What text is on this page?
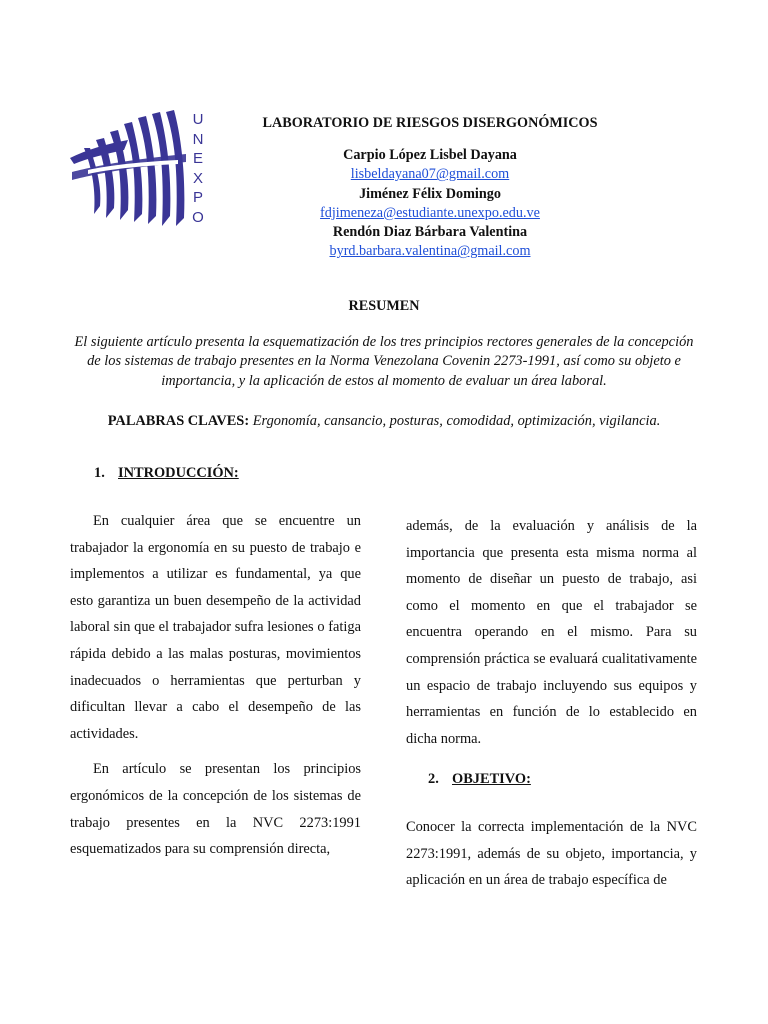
U
N
E
X
P
O
LABORATORIO DE RIESGOS DISERGONÓMICOS
Carpio López Lisbel Dayana
lisbeldayana07@gmail.com
Jiménez Félix Domingo
fdjimeneza@estudiante.unexpo.edu.ve
Rendón Diaz Bárbara Valentina
byrd.barbara.valentina@gmail.com
RESUMEN
El siguiente artículo presenta la esquematización de los tres principios rectores generales de la concepción de los sistemas de trabajo presentes en la Norma Venezolana Covenin 2273-1991, así como su objeto e importancia, y la aplicación de estos al momento de evaluar un área laboral.
PALABRAS CLAVES: Ergonomía, cansancio, posturas, comodidad, optimización, vigilancia.
1. INTRODUCCIÓN:

En cualquier área que se encuentre un trabajador la ergonomía en su puesto de trabajo e implementos a utilizar es fundamental, ya que esto garantiza un buen desempeño de la actividad laboral sin que el trabajador sufra lesiones o fatiga rápida debido a las malas posturas, movimientos inadecuados o herramientas que perturban y dificultan llevar a cabo el desempeño de las actividades.

En artículo se presentan los principios ergonómicos de la concepción de los sistemas de trabajo presentes en la NVC 2273:1991 esquematizados para su comprensión directa,

además, de la evaluación y análisis de la importancia que presenta esta misma norma al momento de diseñar un puesto de trabajo, asi como el momento en que el trabajador se encuentra operando en el mismo. Para su comprensión práctica se evaluará cualitativamente un espacio de trabajo incluyendo sus equipos y herramientas en función de lo establecido en dicha norma.

2. OBJETIVO:

Conocer la correcta implementación de la NVC 2273:1991, además de su objeto, importancia, y aplicación en un área de trabajo específica de
